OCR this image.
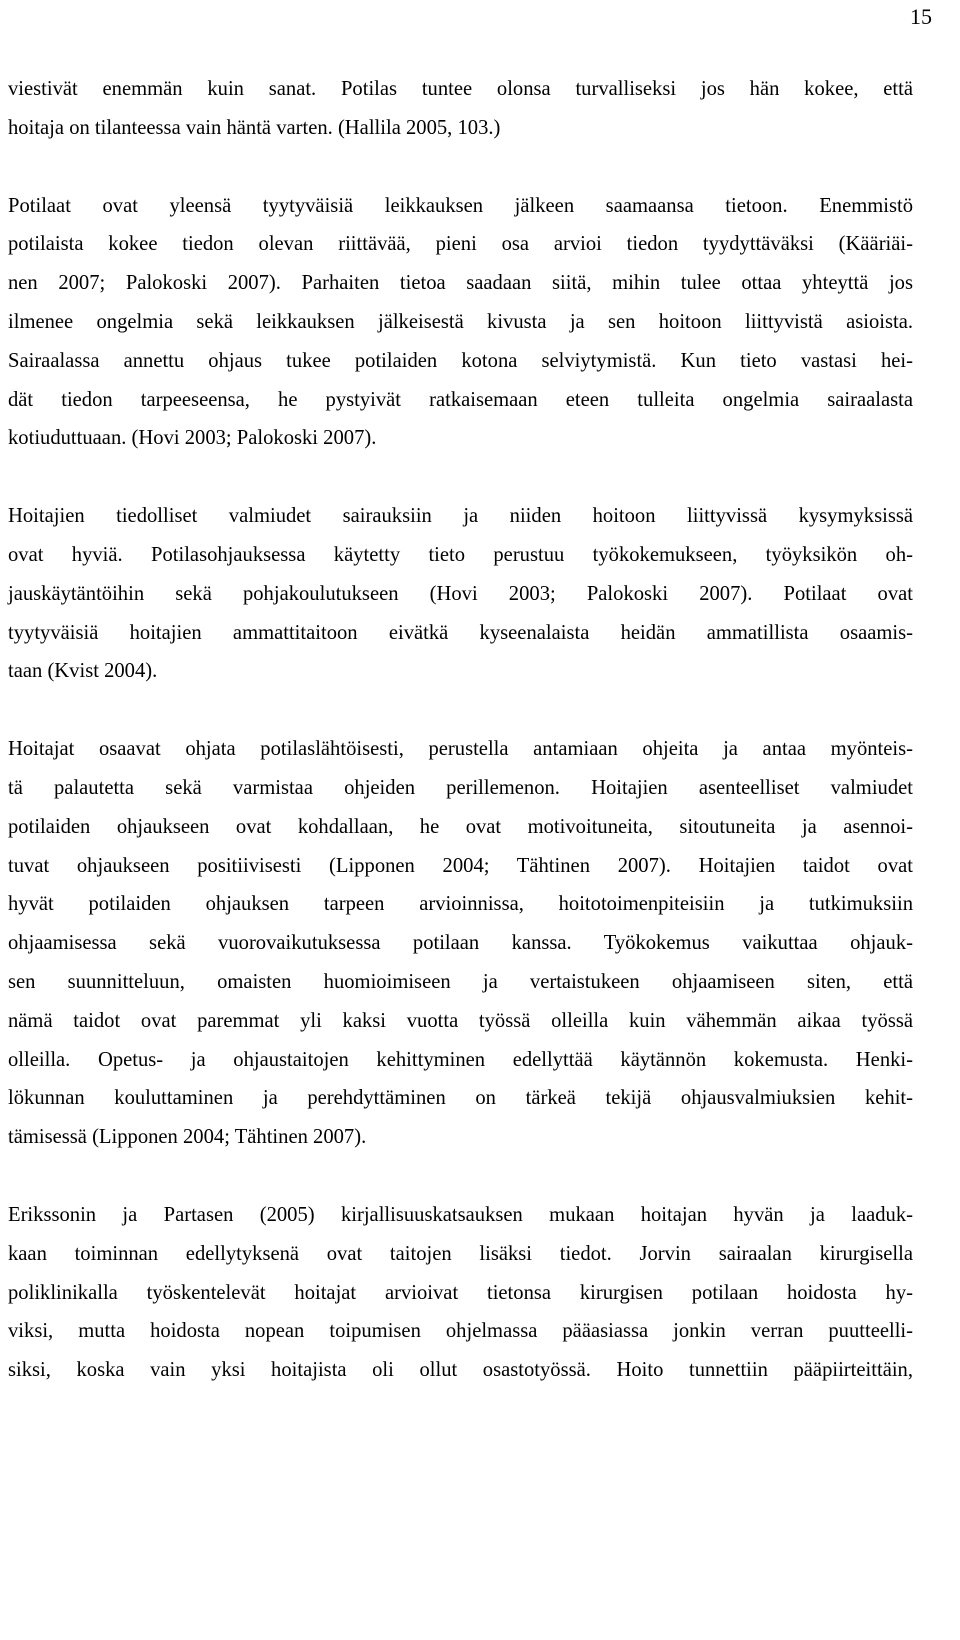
15
viestivät enemmän kuin sanat. Potilas tuntee olonsa turvalliseksi jos hän kokee, että
hoitaja on tilanteessa vain häntä varten. (Hallila 2005, 103.)
Potilaat ovat yleensä tyytyväisiä leikkauksen jälkeen saamaansa tietoon. Enemmistö
potilaista kokee tiedon olevan riittävää, pieni osa arvioi tiedon tyydyttäväksi (Kääriäi-
nen 2007; Palokoski 2007). Parhaiten tietoa saadaan siitä, mihin tulee ottaa yhteyttä jos
ilmenee ongelmia sekä leikkauksen jälkeisestä kivusta ja sen hoitoon liittyvistä asioista.
Sairaalassa annettu ohjaus tukee potilaiden kotona selviytymistä. Kun tieto vastasi hei-
dät tiedon tarpeeseensa, he pystyivät ratkaisemaan eteen tulleita ongelmia sairaalasta
kotiuduttuaan. (Hovi 2003; Palokoski 2007).
Hoitajien tiedolliset valmiudet sairauksiin ja niiden hoitoon liittyvissä kysymyksissä
ovat hyviä. Potilasohjauksessa käytetty tieto perustuu työkokemukseen, työyksikön oh-
jauskäytäntöihin sekä pohjakoulutukseen (Hovi 2003; Palokoski 2007). Potilaat ovat
tyytyväisiä hoitajien ammattitaitoon eivätkä kyseenalaista heidän ammatillista osaamis-
taan (Kvist 2004).
Hoitajat osaavat ohjata potilaslähtöisesti, perustella antamiaan ohjeita ja antaa myönteis-
tä palautetta sekä varmistaa ohjeiden perillemenon. Hoitajien asenteelliset valmiudet
potilaiden ohjaukseen ovat kohdallaan, he ovat motivoituneita, sitoutuneita ja asennoi-
tuvat ohjaukseen positiivisesti (Lipponen 2004; Tähtinen 2007). Hoitajien taidot ovat
hyvät potilaiden ohjauksen tarpeen arvioinnissa, hoitotoimenpiteisiin ja tutkimuksiin
ohjaamisessa sekä vuorovaikutuksessa potilaan kanssa. Työkokemus vaikuttaa ohjauk-
sen suunnitteluun, omaisten huomioimiseen ja vertaistukeen ohjaamiseen siten, että
nämä taidot ovat paremmat yli kaksi vuotta työssä olleilla kuin vähemmän aikaa työssä
olleilla. Opetus- ja ohjaustaitojen kehittyminen edellyttää käytännön kokemusta. Henki-
lökunnan kouluttaminen ja perehdyttäminen on tärkeä tekijä ohjausvalmiuksien kehit-
tämisessä (Lipponen 2004; Tähtinen 2007).
Erikssonin ja Partasen (2005) kirjallisuuskatsauksen mukaan hoitajan hyvän ja laaduk-
kaan toiminnan edellytyksenä ovat taitojen lisäksi tiedot. Jorvin sairaalan kirurgisella
poliklinikalla työskentelevät hoitajat arvioivat tietonsa kirurgisen potilaan hoidosta hy-
viksi, mutta hoidosta nopean toipumisen ohjelmassa pääasiassa jonkin verran puutteelli-
siksi, koska vain yksi hoitajista oli ollut osastotyössä. Hoito tunnettiin pääpiirteittäin,
